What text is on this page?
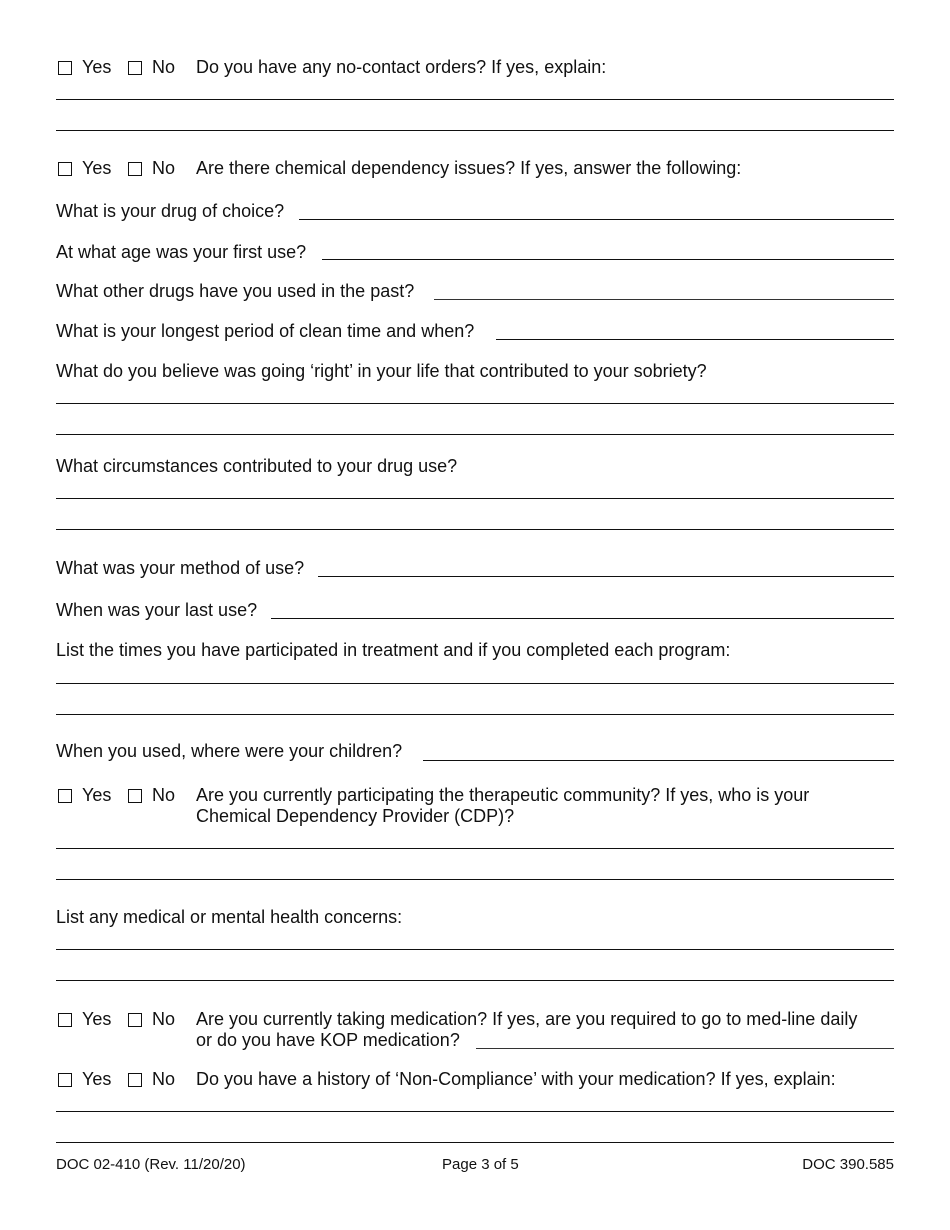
Yes No Do you have any no-contact orders? If yes, explain:
Yes No Are there chemical dependency issues? If yes, answer the following:
What is your drug of choice?
At what age was your first use?
What other drugs have you used in the past?
What is your longest period of clean time and when?
What do you believe was going ‘right’ in your life that contributed to your sobriety?
What circumstances contributed to your drug use?
What was your method of use?
When was your last use?
List the times you have participated in treatment and if you completed each program:
When you used, where were your children?
Yes No Are you currently participating the therapeutic community? If yes, who is your
Chemical Dependency Provider (CDP)?
List any medical or mental health concerns:
Yes No Are you currently taking medication? If yes, are you required to go to med-line daily
or do you have KOP medication?
Yes No Do you have a history of ‘Non-Compliance’ with your medication? If yes, explain:
DOC 02-410 (Rev. 11/20/20)	Page 3 of 5	DOC 390.585
